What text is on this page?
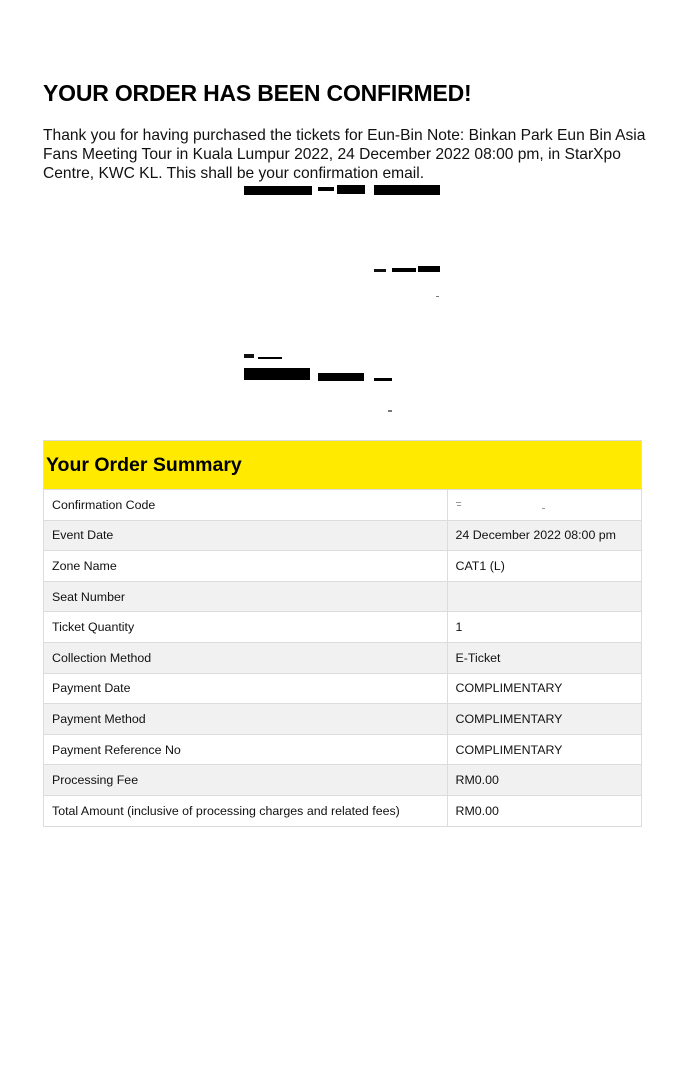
YOUR ORDER HAS BEEN CONFIRMED!

Thank you for having purchased the tickets for Eun-Bin Note: Binkan Park Eun Bin Asia Fans Meeting Tour in Kuala Lumpur 2022, 24 December 2022 08:00 pm, in StarXpo Centre, KWC KL. This shall be your confirmation email.

Your Order Summary
Confirmation Code	

Event Date	24 December 2022 08:00 pm
Zone Name	CAT1 (L)
Seat Number	
Ticket Quantity	1
Collection Method	E-Ticket
Payment Date	COMPLIMENTARY
Payment Method	COMPLIMENTARY
Payment Reference No	COMPLIMENTARY
Processing Fee	RM0.00
Total Amount (inclusive of processing charges and related fees)	RM0.00
